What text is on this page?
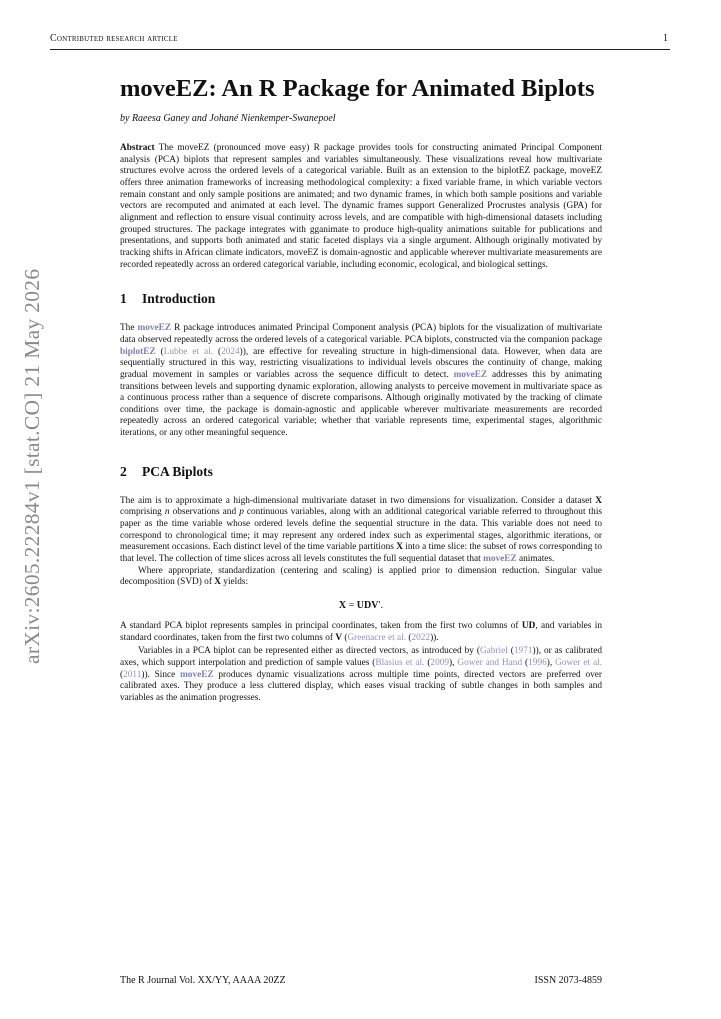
Contributed research article	1
arXiv:2605.22284v1 [stat.CO] 21 May 2026
moveEZ: An R Package for Animated Biplots
by Raeesa Ganey and Johané Nienkemper-Swanepoel
Abstract The moveEZ (pronounced move easy) R package provides tools for constructing animated Principal Component analysis (PCA) biplots that represent samples and variables simultaneously. These visualizations reveal how multivariate structures evolve across the ordered levels of a categorical variable. Built as an extension to the biplotEZ package, moveEZ offers three animation frameworks of increasing methodological complexity: a fixed variable frame, in which variable vectors remain constant and only sample positions are animated; and two dynamic frames, in which both sample positions and variable vectors are recomputed and animated at each level. The dynamic frames support Generalized Procrustes analysis (GPA) for alignment and reflection to ensure visual continuity across levels, and are compatible with high-dimensional datasets including grouped structures. The package integrates with gganimate to produce high-quality animations suitable for publications and presentations, and supports both animated and static faceted displays via a single argument. Although originally motivated by tracking shifts in African climate indicators, moveEZ is domain-agnostic and applicable wherever multivariate measurements are recorded repeatedly across an ordered categorical variable, including economic, ecological, and biological settings.
1 Introduction

The moveEZ R package introduces animated Principal Component analysis (PCA) biplots for the visualization of multivariate data observed repeatedly across the ordered levels of a categorical variable. PCA biplots, constructed via the companion package biplotEZ (Lubbe et al. (2024)), are effective for revealing structure in high-dimensional data. However, when data are sequentially structured in this way, restricting visualizations to individual levels obscures the continuity of change, making gradual movement in samples or variables across the sequence difficult to detect. moveEZ addresses this by animating transitions between levels and supporting dynamic exploration, allowing analysts to perceive movement in multivariate space as a continuous process rather than a sequence of discrete comparisons. Although originally motivated by the tracking of climate conditions over time, the package is domain-agnostic and applicable wherever multivariate measurements are recorded repeatedly across an ordered categorical variable; whether that variable represents time, experimental stages, algorithmic iterations, or any other meaningful sequence.

2 PCA Biplots

The aim is to approximate a high-dimensional multivariate dataset in two dimensions for visualization. Consider a dataset X comprising n observations and p continuous variables, along with an additional categorical variable referred to throughout this paper as the time variable whose ordered levels define the sequential structure in the data. This variable does not need to correspond to chronological time; it may represent any ordered index such as experimental stages, algorithmic iterations, or measurement occasions. Each distinct level of the time variable partitions X into a time slice: the subset of rows corresponding to that level. The collection of time slices across all levels constitutes the full sequential dataset that moveEZ animates.

Where appropriate, standardization (centering and scaling) is applied prior to dimension reduction. Singular value decomposition (SVD) of X yields:

X = UDV′.

A standard PCA biplot represents samples in principal coordinates, taken from the first two columns of UD, and variables in standard coordinates, taken from the first two columns of V (Greenacre et al. (2022)).

Variables in a PCA biplot can be represented either as directed vectors, as introduced by (Gabriel (1971)), or as calibrated axes, which support interpolation and prediction of sample values (Blasius et al. (2009), Gower and Hand (1996), Gower et al. (2011)). Since moveEZ produces dynamic visualizations across multiple time points, directed vectors are preferred over calibrated axes. They produce a less cluttered display, which eases visual tracking of subtle changes in both samples and variables as the animation progresses.

The R Journal Vol. XX/YY, AAAA 20ZZ	ISSN 2073-4859
